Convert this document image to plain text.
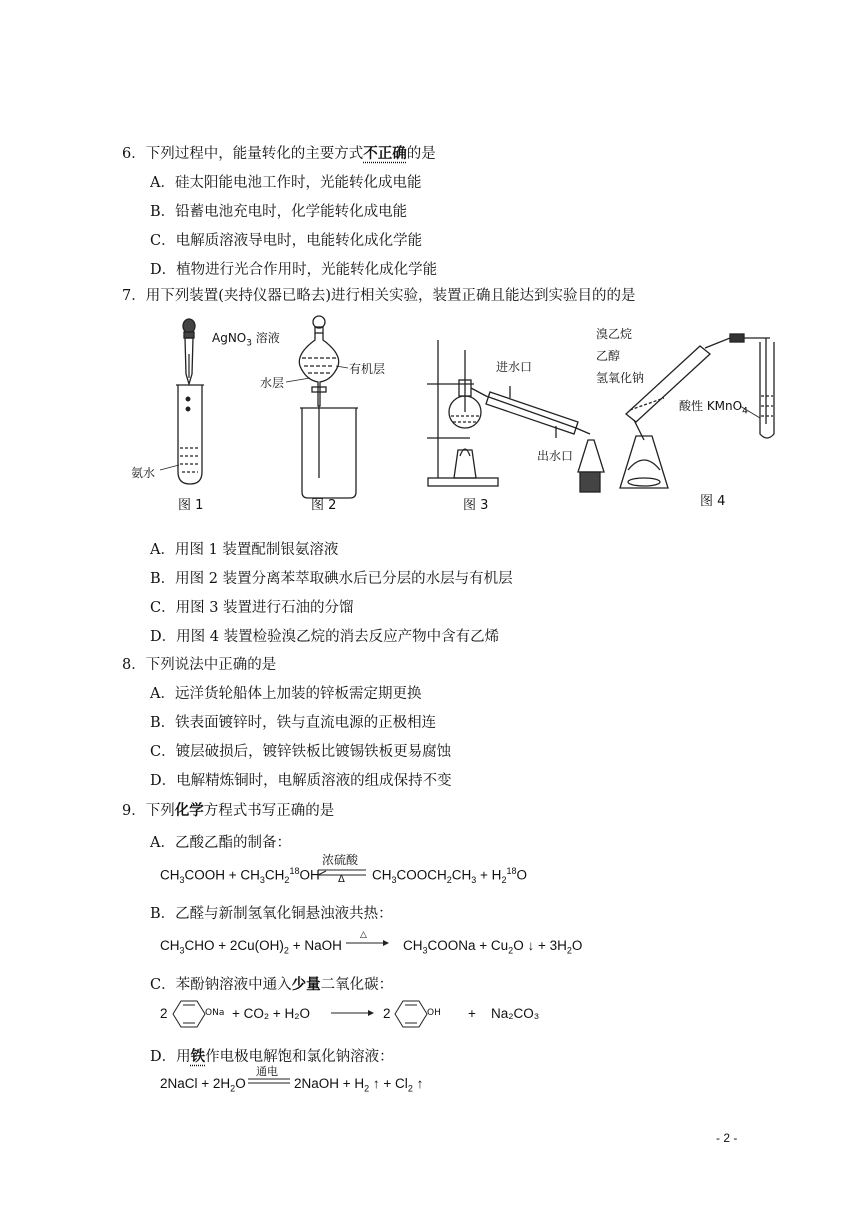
6．下列过程中，能量转化的主要方式不正确的是
A．硅太阳能电池工作时，光能转化成电能
B．铅蓄电池充电时，化学能转化成电能
C．电解质溶液导电时，电能转化成化学能
D．植物进行光合作用时，光能转化成化学能
7．用下列装置(夹持仪器已略去)进行相关实验，装置正确且能达到实验目的的是
AgNO$_3$ 溶液
氨水
图 1
水层
有机层
图 2
进水口
出水口
图 3
溴乙烷
乙醇
氢氧化钠
酸性 KMnO$_4$
图 4
A．用图 1 装置配制银氨溶液
B．用图 2 装置分离苯萃取碘水后已分层的水层与有机层
C．用图 3 装置进行石油的分馏
D．用图 4 装置检验溴乙烷的消去反应产物中含有乙烯
8．下列说法中正确的是
A．远洋货轮船体上加装的锌板需定期更换
B．铁表面镀锌时，铁与直流电源的正极相连
C．镀层破损后，镀锌铁板比镀锡铁板更易腐蚀
D．电解精炼铜时，电解质溶液的组成保持不变
9．下列化学方程式书写正确的是
A．乙酸乙酯的制备：
$CH_3COOH + CH_3CH_2^{18}OH$
浓硫酸
Δ $CH_3COOCH_2CH_3 + H_2^{18}O$
B．乙醛与新制氢氧化铜悬浊液共热：
$CH_3CHO + 2Cu(OH)_2$ + NaOH
△
$CH_3COONa + Cu_2O$ ↓ + $3H_2O$
C．苯酚钠溶液中通入少量二氧化碳：
2	ONa + CO₂ + H₂O	2	OH + Na₂CO₃
D．用铁作电极电解饱和氯化钠溶液：
2NaCl + $2H_2O$
通电
2NaOH + $H_2$ ↑ + $Cl_2$ ↑
- 2 -
